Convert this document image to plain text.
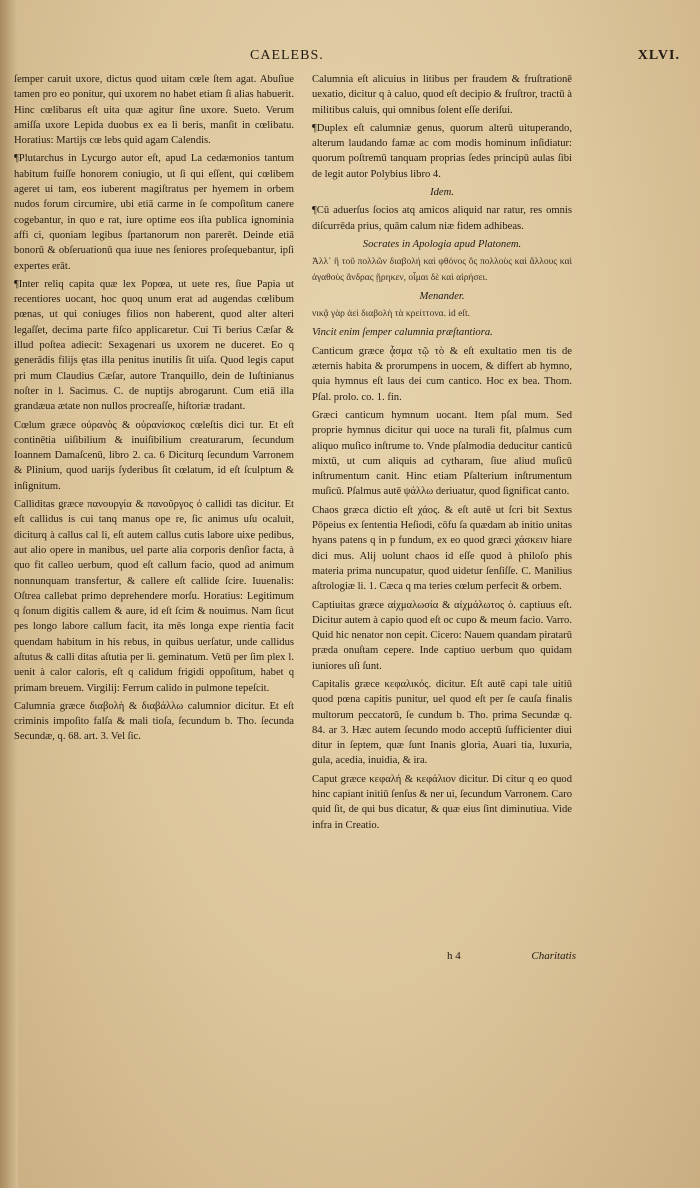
CAELEBS.	XLVI.

ſemper caruit uxore, dictus quod uitam cœle ſtem agat. Abuſiue tamen pro eo ponitur, qui uxorem no habet etiam ſi alias habuerit. Hinc cœlibarus eſt uita quæ agitur ſine uxore. Sueto. Verum amiſſa uxore Lepida duobus ex ea li beris, manſit in cœlibatu. Horatius: Martijs cœ lebs quid agam Calendis.

¶Plutarchus in Lycurgo autor eſt, apud La cedæmonios tantum habitum fuiſſe honorem coniugio, ut ſi qui eſſent, qui cœlibem ageret ui tam, eos iuberent magiſtratus per hyemem in orbem nudos forum circumire, ubi etiā carme in ſe compoſitum canere cogebantur, in quo e rat, iure optime eos iſta publica ignominia affi ci, quoniam legibus ſpartanorum non parerēt. Deinde etiā bonorū & obſeruationū qua iuue nes ſeniores proſequebantur, ipſi expertes erāt.

¶Inter reliq capita quæ lex Popœa, ut uete res, ſiue Papia ut recentiores uocant, hoc quoq unum erat ad augendas cœlibum pœnas, ut qui coniuges filios non haberent, quod alter alteri legaſſet, decima parte fiſco applicaretur. Cui Ti berius Cæſar & illud poſtea adiecit: Sexagenari us uxorem ne duceret. Eo q generādis filijs ętas illa penitus inutilis ſit uiſa. Quod legis caput pri mum Claudius Cæſar, autore Tranquillo, dein de Iuſtinianus noſter in l. Sacimus. C. de nuptijs abrogarunt. Cum etiā illa grandæua ætate non nullos procreaſſe, hiſtoriæ tradant.

Cœlum græce οὐρανὸς & οὐρανίσκος cœleſtis dici tur. Et eſt continētia uiſibilium & inuiſibilium creaturarum, ſecundum Ioannem Damaſcenū, libro 2. ca. 6 Diciturq ſecundum Varronem & Plinium, quod uarijs ſyderibus ſit cœlatum, id eſt ſculptum & inſignitum.

Calliditas græce πανουργία & πανοῦργος ὁ callidi tas dicitur. Et eſt callidus is cui tanq manus ope re, ſic animus uſu ocaluit, diciturq à callus cal li, eſt autem callus cutis labore uixe pedibus, aut alio opere in manibus, uel parte alia corporis denſior facta, à quo fit calleo uerbum, quod eſt callum facio, quod ad animum nonnunquam transfertur, & callere eſt callide ſcire. Iuuenalis: Oſtrea callebat primo deprehendere morſu. Horatius: Legitimum q ſonum digitis callem & aure, id eſt ſcim & nouimus. Nam ſicut pes longo labore callum facit, ita mēs longa expe rientia facit quendam habitum in his rebus, in quibus uerſatur, unde callidus aſtutus & calli ditas aſtutia per li. geminatum. Vetū per ſim plex l. uenit à calor caloris, eſt q calidum frigidi oppoſitum, habet q primam breuem. Virgilij: Ferrum calido in pulmone tepeſcit.

Calumnia græce διαβολὴ & διαβάλλω calumnior dicitur. Et eſt criminis impoſito falſa & mali tioſa, ſecundum b. Tho. ſecunda Secundæ, q. 68. art. 3. Vel ſic.

Calumnia eſt alicuius in litibus per fraudem & fruſtrationē uexatio, dicitur q à caluo, quod eſt decipio & fruſtror, tractū à militibus caluis, qui omnibus ſolent eſſe deriſui.

¶Duplex eſt calumniæ genus, quorum alterū uituperando, alterum laudando famæ ac com modis hominum inſidiatur: quorum poſtremū tanquam proprias ſedes principū aulas ſibi de legit autor Polybius libro 4.

Idem.

¶Cū aduerſus ſocios atq amicos aliquid nar ratur, res omnis diſcurrēda prius, quām calum niæ fidem adhibeas.

Socrates in Apologia apud Platonem.

Ἀλλ᾽ ἢ τοῦ πολλῶν διαβολή καὶ φθόνος ὃς πολλοὺς καὶ ἄλλους καὶ ἀγαθοὺς ἄνδρας ᾕρηκεν, οἶμαι δὲ καὶ αἱρήσει.

Menander.

νικᾷ γὰρ ἀεὶ διαβολὴ τὰ κρείττονα. id eſt.

Vincit enim ſemper calumnia præſtantiora.

Canticum græce ᾆσμα τῷ τὸ & eſt exultatio men tis de æternis habita & prorumpens in uocem, & differt ab hymno, quia hymnus eſt laus dei cum cantico. Hoc ex bea. Thom. Pſal. prolo. co. 1. fin.

Græci canticum hymnum uocant. Item pſal mum. Sed proprie hymnus dicitur qui uoce na turali fit, pſalmus cum aliquo muſico inſtrume to. Vnde pſalmodia deducitur canticū mixtū, ut cum aliquis ad cytharam, ſiue aliud muſicū inſtrumentum canit. Hinc etiam Pſalterium inſtrumentum muſicū. Pſalmus autē ψάλλω deriuatur, quod ſignificat canto.

Chaos græca dictio eſt χάος. & eſt autē ut ſcri bit Sextus Pōpeius ex ſententia Heſiodi, cōfu ſa quædam ab initio unitas hyans patens q in p fundum, ex eo quod græci χάσκειν hiare dici mus. Alij uolunt chaos id eſſe quod à philoſo phis materia prima nuncupatur, quod uidetur ſenſiſſe. C. Manilius aſtrologiæ li. 1. Cæca q ma teries cœlum perfecit & orbem.

Captiuitas græce αἰχμαλωσία & αἰχμάλωτος ὁ. captiuus eſt. Dicitur autem à capio quod eſt oc cupo & meum facio. Varro. Quid hic nenator non cepit. Cicero: Nauem quandam piratarū præda onuſtam cepere. Inde captiuo uerbum quo quidam iuniores uſi ſunt.

Capitalis græce κεφαλικός. dicitur. Eſt autē capi tale uitiū quod pœna capitis punitur, uel quod eſt per ſe cauſa finalis multorum peccatorū, ſe cundum b. Tho. prima Secundæ q. 84. ar 3. Hæc autem ſecundo modo acceptū ſufficienter diui ditur in ſeptem, quæ ſunt Inanis gloria, Auari tia, luxuria, gula, acedia, inuidia, & ira.

Caput græce κεφαλή & κεφάλιον dicitur. Di citur q eo quod hinc capiant initiū ſenſus & ner ui, ſecundum Varronem. Caro quid ſit, de qui bus dicatur, & quæ eius ſint diminutiua. Vide infra in Creatio.

h 4	Charitatis
